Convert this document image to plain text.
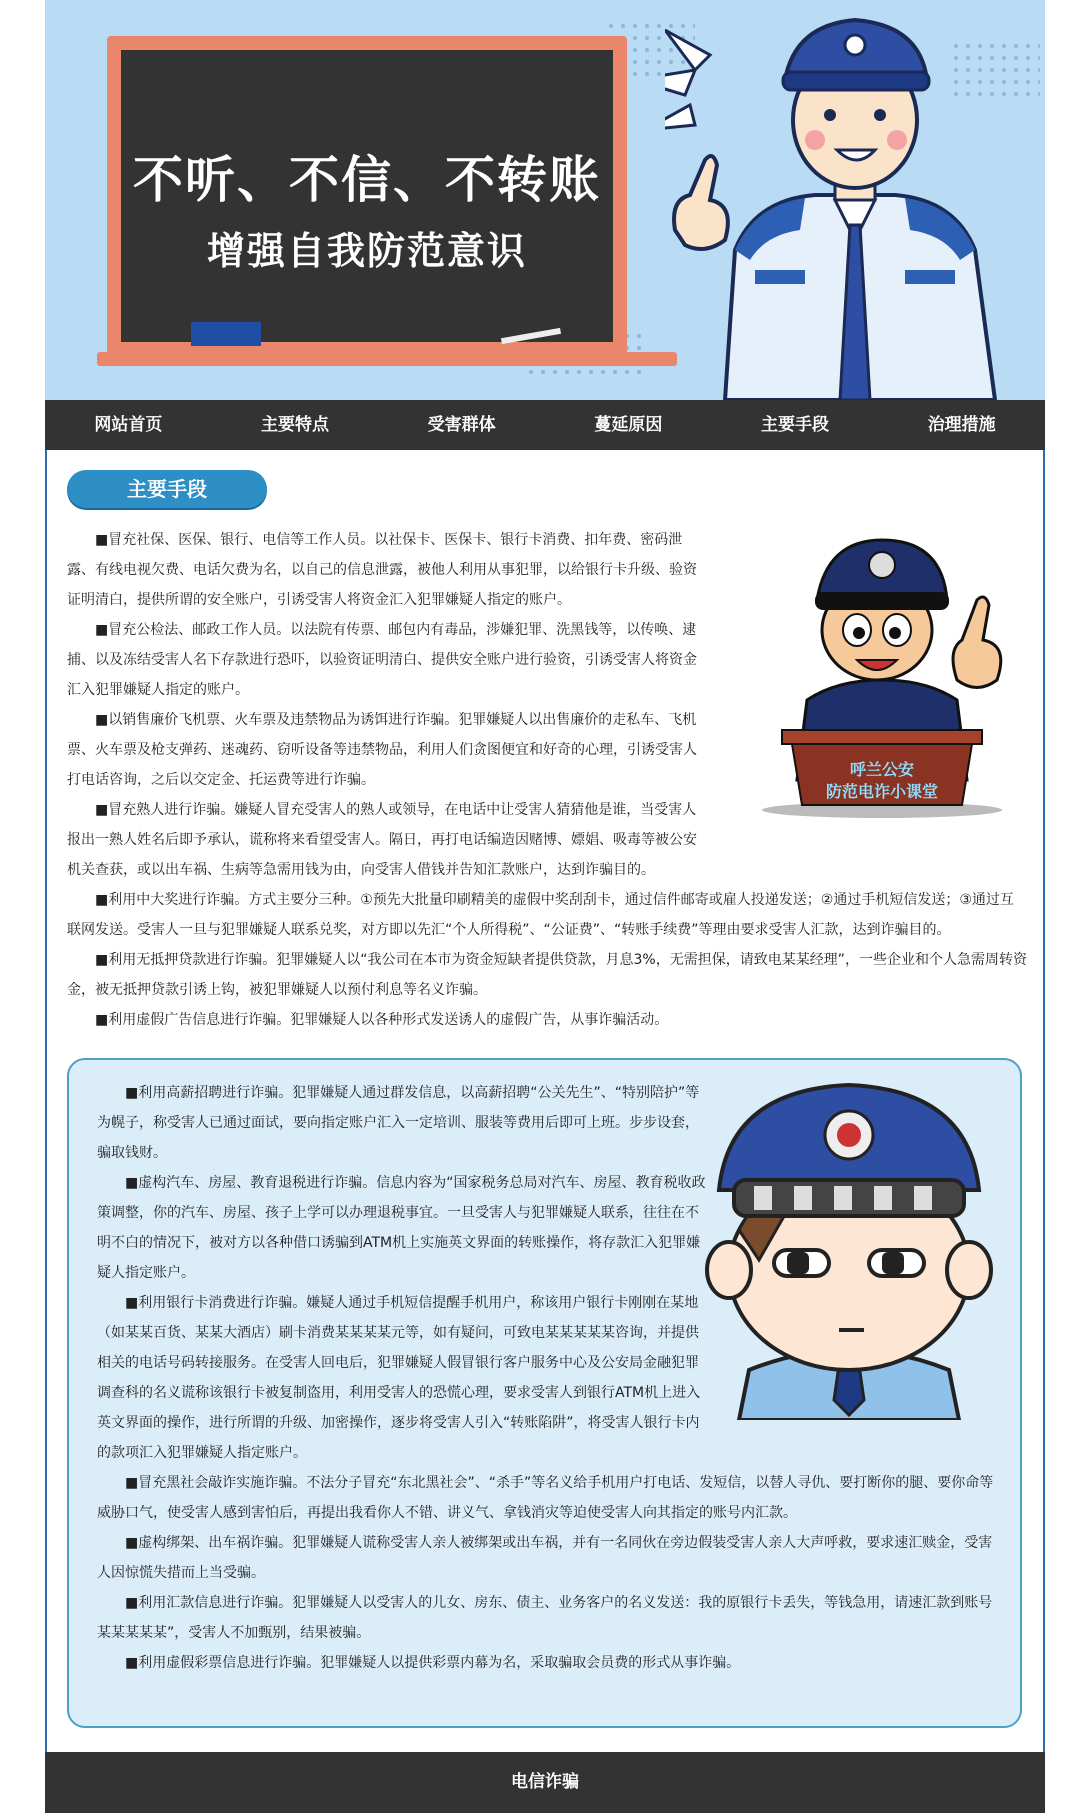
不听、不信、不转账
增强自我防范意识
网站首页	主要特点	受害群体	蔓延原因	主要手段	治理措施
主要手段

■冒充社保、医保、银行、电信等工作人员。以社保卡、医保卡、银行卡消费、扣年费、密码泄露、有线电视欠费、电话欠费为名，以自己的信息泄露，被他人利用从事犯罪，以给银行卡升级、验资证明清白，提供所谓的安全账户，引诱受害人将资金汇入犯罪嫌疑人指定的账户。

■冒充公检法、邮政工作人员。以法院有传票、邮包内有毒品，涉嫌犯罪、洗黑钱等，以传唤、逮捕、以及冻结受害人名下存款进行恐吓，以验资证明清白、提供安全账户进行验资，引诱受害人将资金汇入犯罪嫌疑人指定的账户。

■以销售廉价飞机票、火车票及违禁物品为诱饵进行诈骗。犯罪嫌疑人以出售廉价的走私车、飞机票、火车票及枪支弹药、迷魂药、窃听设备等违禁物品，利用人们贪图便宜和好奇的心理，引诱受害人打电话咨询，之后以交定金、托运费等进行诈骗。

■冒充熟人进行诈骗。嫌疑人冒充受害人的熟人或领导，在电话中让受害人猜猜他是谁，当受害人报出一熟人姓名后即予承认，谎称将来看望受害人。隔日，再打电话编造因赌博、嫖娼、吸毒等被公安机关查获，或以出车祸、生病等急需用钱为由，向受害人借钱并告知汇款账户，达到诈骗目的。

■利用中大奖进行诈骗。方式主要分三种。①预先大批量印刷精美的虚假中奖刮刮卡，通过信件邮寄或雇人投递发送；②通过手机短信发送；③通过互联网发送。受害人一旦与犯罪嫌疑人联系兑奖，对方即以先汇“个人所得税”、“公证费”、“转账手续费”等理由要求受害人汇款，达到诈骗目的。

■利用无抵押贷款进行诈骗。犯罪嫌疑人以“我公司在本市为资金短缺者提供贷款，月息3%，无需担保，请致电某某经理”，一些企业和个人急需周转资金，被无抵押贷款引诱上钩，被犯罪嫌疑人以预付利息等名义诈骗。

■利用虚假广告信息进行诈骗。犯罪嫌疑人以各种形式发送诱人的虚假广告，从事诈骗活动。

呼兰公安
防范电诈小课堂

■利用高薪招聘进行诈骗。犯罪嫌疑人通过群发信息，以高薪招聘“公关先生”、“特别陪护”等为幌子，称受害人已通过面试，要向指定账户汇入一定培训、服装等费用后即可上班。步步设套，骗取钱财。

■虚构汽车、房屋、教育退税进行诈骗。信息内容为“国家税务总局对汽车、房屋、教育税收政策调整，你的汽车、房屋、孩子上学可以办理退税事宜。一旦受害人与犯罪嫌疑人联系，往往在不明不白的情况下，被对方以各种借口诱骗到ATM机上实施英文界面的转账操作，将存款汇入犯罪嫌疑人指定账户。

■利用银行卡消费进行诈骗。嫌疑人通过手机短信提醒手机用户，称该用户银行卡刚刚在某地（如某某百货、某某大酒店）刷卡消费某某某某元等，如有疑问，可致电某某某某某咨询，并提供相关的电话号码转接服务。在受害人回电后，犯罪嫌疑人假冒银行客户服务中心及公安局金融犯罪调查科的名义谎称该银行卡被复制盗用，利用受害人的恐慌心理，要求受害人到银行ATM机上进入英文界面的操作，进行所谓的升级、加密操作，逐步将受害人引入“转账陷阱”，将受害人银行卡内的款项汇入犯罪嫌疑人指定账户。

■冒充黑社会敲诈实施诈骗。不法分子冒充“东北黑社会”、“杀手”等名义给手机用户打电话、发短信，以替人寻仇、要打断你的腿、要你命等威胁口气，使受害人感到害怕后，再提出我看你人不错、讲义气、拿钱消灾等迫使受害人向其指定的账号内汇款。

■虚构绑架、出车祸诈骗。犯罪嫌疑人谎称受害人亲人被绑架或出车祸，并有一名同伙在旁边假装受害人亲人大声呼救，要求速汇赎金，受害人因惊慌失措而上当受骗。

■利用汇款信息进行诈骗。犯罪嫌疑人以受害人的儿女、房东、债主、业务客户的名义发送：我的原银行卡丢失，等钱急用，请速汇款到账号某某某某某”，受害人不加甄别，结果被骗。

■利用虚假彩票信息进行诈骗。犯罪嫌疑人以提供彩票内幕为名，采取骗取会员费的形式从事诈骗。

电信诈骗
